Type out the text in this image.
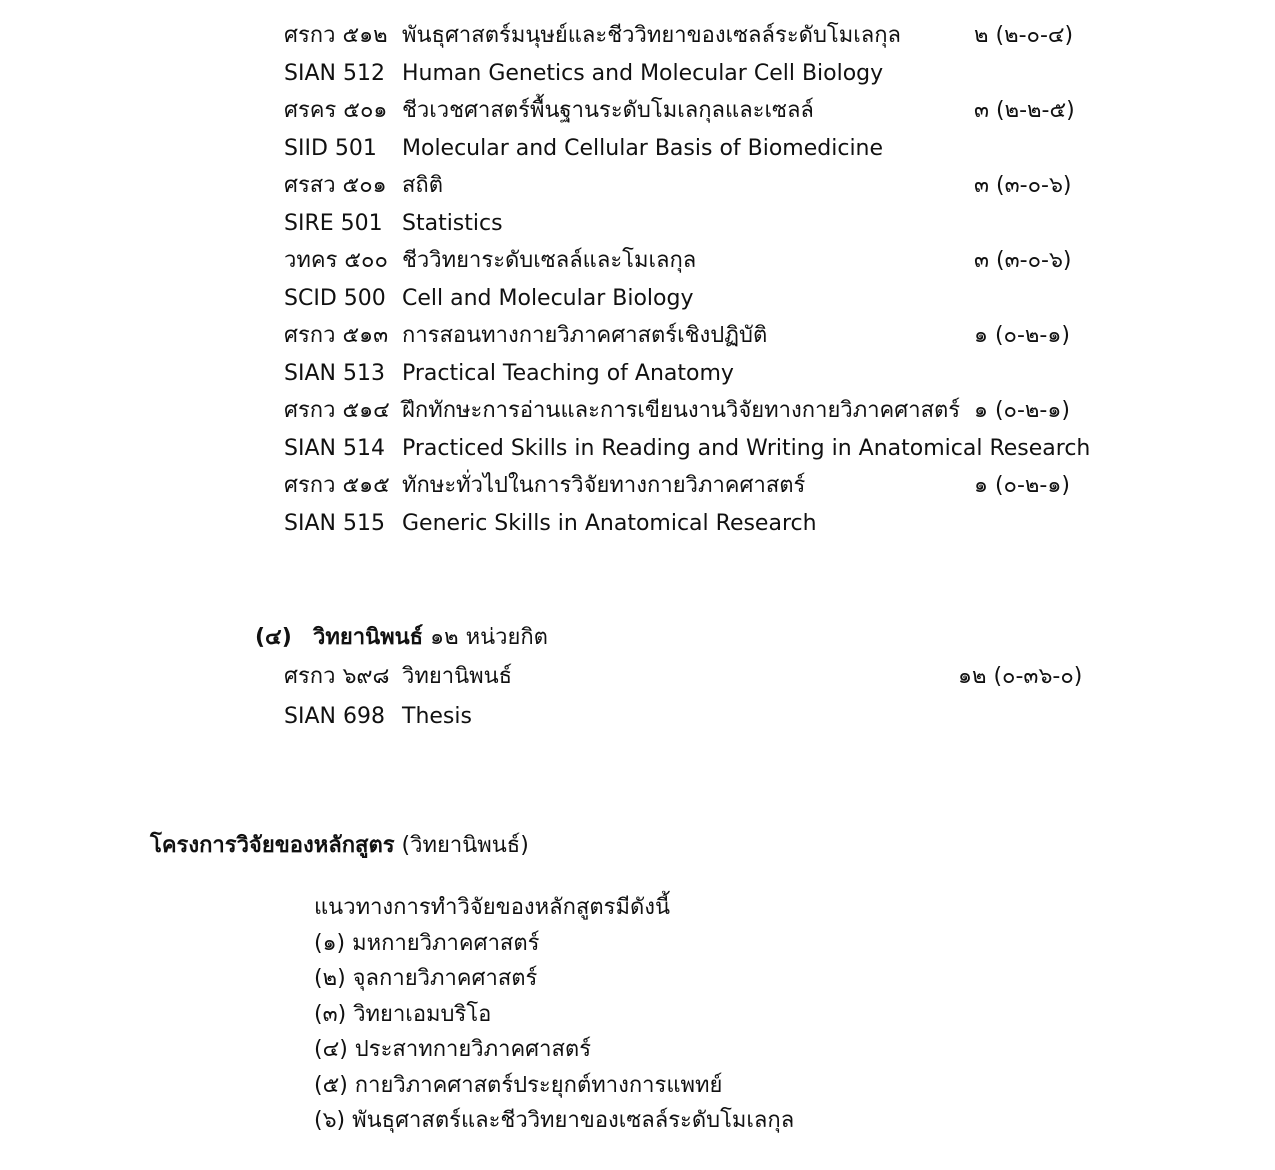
ศรกว ๕๑๒ พันธุศาสตร์มนุษย์และชีววิทยาของเซลล์ระดับโมเลกุล	๒ (๒-๐-๔)
SIAN 512 Human Genetics and Molecular Cell Biology
ศรคร ๕๐๑ ชีวเวชศาสตร์พื้นฐานระดับโมเลกุลและเซลล์	๓ (๒-๒-๕)
SIID 501 Molecular and Cellular Basis of Biomedicine
ศรสว ๕๐๑ สถิติ	๓ (๓-๐-๖)
SIRE 501 Statistics
วทคร ๕๐๐ ชีววิทยาระดับเซลล์และโมเลกุล	๓ (๓-๐-๖)
SCID 500 Cell and Molecular Biology
ศรกว ๕๑๓ การสอนทางกายวิภาคศาสตร์เชิงปฏิบัติ	๑ (๐-๒-๑)
SIAN 513 Practical Teaching of Anatomy
ศรกว ๕๑๔ ฝึกทักษะการอ่านและการเขียนงานวิจัยทางกายวิภาคศาสตร์ ๑ (๐-๒-๑)
SIAN 514 Practiced Skills in Reading and Writing in Anatomical Research
ศรกว ๕๑๕ ทักษะทั่วไปในการวิจัยทางกายวิภาคศาสตร์	๑ (๐-๒-๑)
SIAN 515 Generic Skills in Anatomical Research
(๔) วิทยานิพนธ์ ๑๒ หน่วยกิต
ศรกว ๖๙๘ วิทยานิพนธ์	๑๒ (๐-๓๖-๐)
SIAN 698 Thesis
โครงการวิจัยของหลักสูตร (วิทยานิพนธ์)
แนวทางการทำวิจัยของหลักสูตรมีดังนี้
(๑) มหกายวิภาคศาสตร์
(๒) จุลกายวิภาคศาสตร์
(๓) วิทยาเอมบริโอ
(๔) ประสาทกายวิภาคศาสตร์
(๕) กายวิภาคศาสตร์ประยุกต์ทางการแพทย์
(๖) พันธุศาสตร์และชีววิทยาของเซลล์ระดับโมเลกุล
